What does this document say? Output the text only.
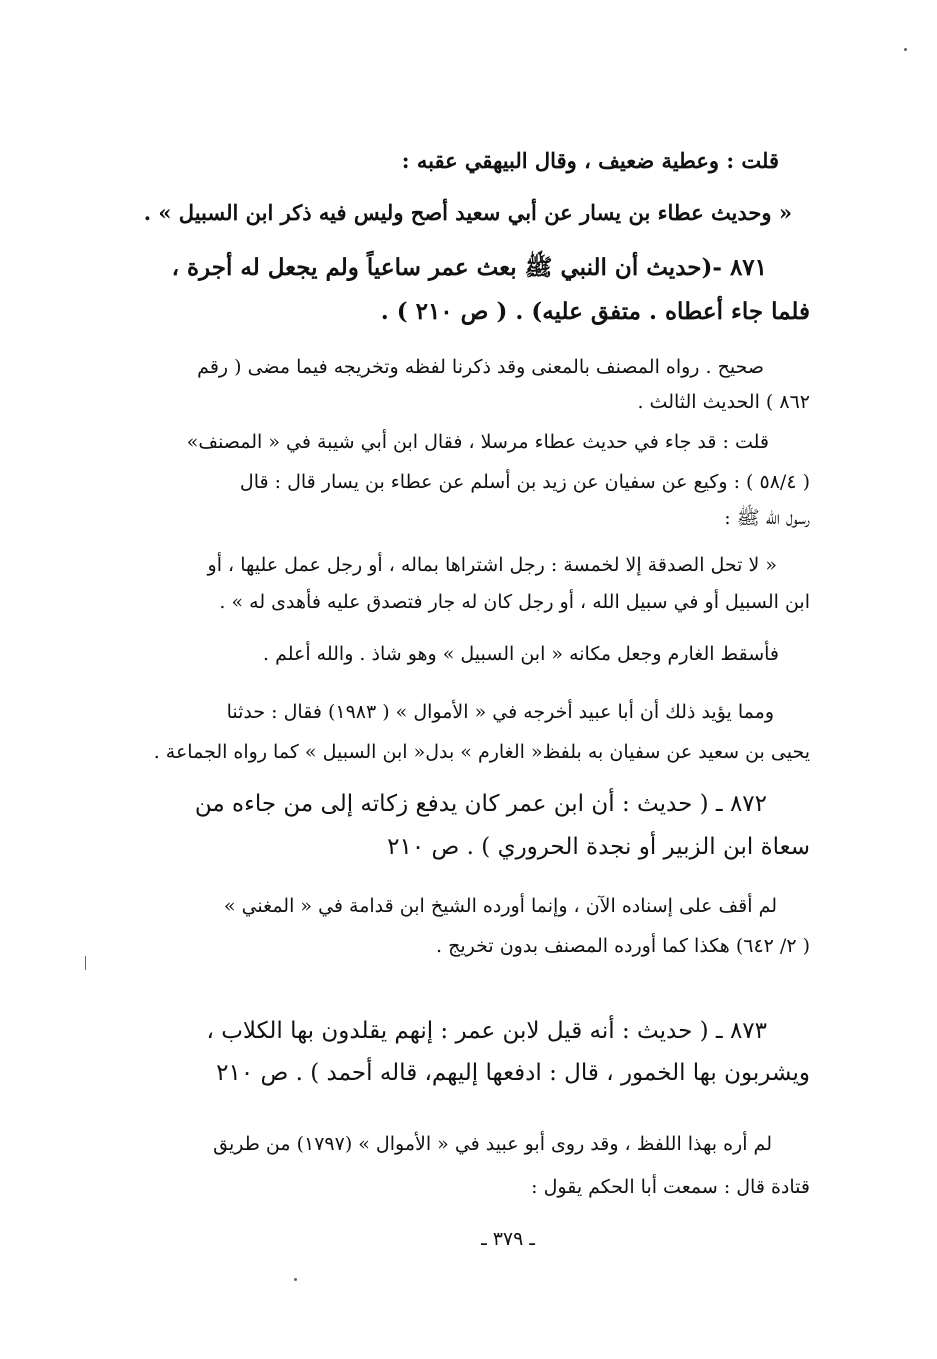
قلت : وعطية ضعيف ، وقال البيهقي عقبه :
« وحديث عطاء بن يسار عن أبي سعيد أصح وليس فيه ذكر ابن السبيل » .
٨٧١ -(حديث أن النبي ﷺ بعث عمر ساعياً ولم يجعل له أجرة ،
فلما جاء أعطاه . متفق عليه) . ( ص ٢١٠ ) .
صحيح . رواه المصنف بالمعنى وقد ذكرنا لفظه وتخريجه فيما مضى ( رقم
٨٦٢ ) الحديث الثالث .
قلت : قد جاء في حديث عطاء مرسلا ، فقال ابن أبي شيبة في « المصنف»
( ٥٨/٤ ) : وكيع عن سفيان عن زيد بن أسلم عن عطاء بن يسار قال : قال
رسول الله ﷺ :
« لا تحل الصدقة إلا لخمسة : رجل اشتراها بماله ، أو رجل عمل عليها ، أو
ابن السبيل أو في سبيل الله ، أو رجل كان له جار فتصدق عليه فأهدى له » .
فأسقط الغارم وجعل مكانه « ابن السبيل » وهو شاذ . والله أعلم .
ومما يؤيد ذلك أن أبا عبيد أخرجه في « الأموال » ( ١٩٨٣) فقال : حدثنا
يحيى بن سعيد عن سفيان به بلفظ« الغارم » بدل« ابن السبيل » كما رواه الجماعة .
٨٧٢ ـ ( حديث : أن ابن عمر كان يدفع زكاته إلى من جاءه من
سعاة ابن الزبير أو نجدة الحروري ) . ص ٢١٠
لم أقف على إسناده الآن ، وإنما أورده الشيخ ابن قدامة في « المغني »
( ٢/ ٦٤٢) هكذا كما أورده المصنف بدون تخريج .
٨٧٣ ـ ( حديث : أنه قيل لابن عمر : إنهم يقلدون بها الكلاب ،
ويشربون بها الخمور ، قال : ادفعها إليهم، قاله أحمد ) . ص ٢١٠
لم أره بهذا اللفظ ، وقد روى أبو عبيد في « الأموال » (١٧٩٧) من طريق
قتادة قال : سمعت أبا الحكم يقول :
ـ ٣٧٩ ـ
